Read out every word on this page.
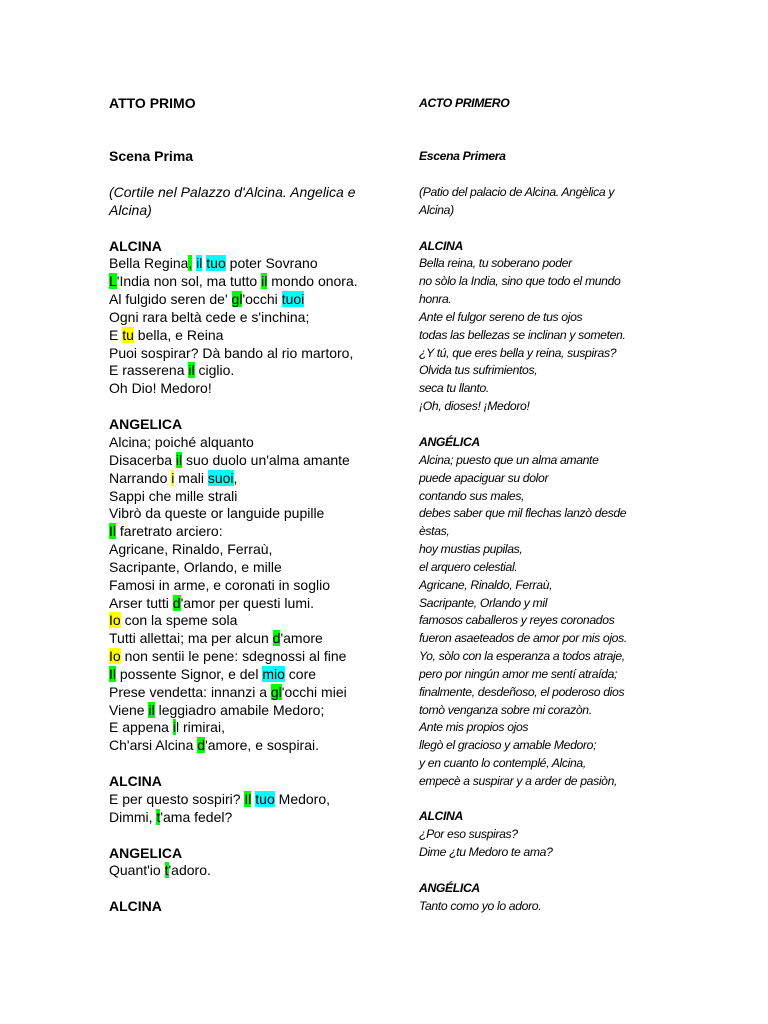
ATTO PRIMO
Scena Prima
(Cortile nel Palazzo d'Alcina. Angelica e
Alcina)
ALCINA
Bella Regina, il tuo poter Sovrano
L'India non sol, ma tutto il mondo onora.
Al fulgido seren de' gl'occhi tuoi
Ogni rara beltà cede e s'inchina;
E tu bella, e Reina
Puoi sospirar? Dà bando al rio martoro,
E rasserena il ciglio.
Oh Dio! Medoro!
ANGELICA
Alcina; poiché alquanto
Disacerba il suo duolo un'alma amante
Narrando i mali suoi,
Sappi che mille strali
Vibrò da queste or languide pupille
Il faretrato arciero:
Agricane, Rinaldo, Ferraù,
Sacripante, Orlando, e mille
Famosi in arme, e coronati in soglio
Arser tutti d'amor per questi lumi.
Io con la speme sola
Tutti allettai; ma per alcun d'amore
Io non sentii le pene: sdegnossi al fine
Il possente Signor, e del mio core
Prese vendetta: innanzi a gl'occhi miei
Viene il leggiadro amabile Medoro;
E appena il rimirai,
Ch'arsi Alcina d'amore, e sospirai.
ALCINA
E per questo sospiri? Il tuo Medoro,
Dimmi, t'ama fedel?
ANGELICA
Quant'io t'adoro.
ALCINA
ACTO PRIMERO
Escena Primera
(Patio del palacio de Alcina. Angèlica y
Alcina)
ALCINA
Bella reina, tu soberano poder
no sòlo la India, sino que todo el mundo
honra.
Ante el fulgor sereno de tus ojos
todas las bellezas se inclinan y someten.
¿Y tú, que eres bella y reina, suspiras?
Olvida tus sufrimientos,
seca tu llanto.
¡Oh, dioses! ¡Medoro!
ANGÉLICA
Alcina; puesto que un alma amante
puede apaciguar su dolor
contando sus males,
debes saber que mil flechas lanzò desde
èstas,
hoy mustias pupilas,
el arquero celestial.
Agricane, Rinaldo, Ferraù,
Sacripante, Orlando y mil
famosos caballeros y reyes coronados
fueron asaeteados de amor por mis ojos.
Yo, sòlo con la esperanza a todos atraje,
pero por ningún amor me sentí atraída;
finalmente, desdeñoso, el poderoso dios
tomò venganza sobre mi corazòn.
Ante mis propios ojos
llegò el gracioso y amable Medoro;
y en cuanto lo contemplé, Alcina,
empecè a suspirar y a arder de pasiòn,
ALCINA
¿Por eso suspiras?
Dime ¿tu Medoro te ama?
ANGÉLICA
Tanto como yo lo adoro.
